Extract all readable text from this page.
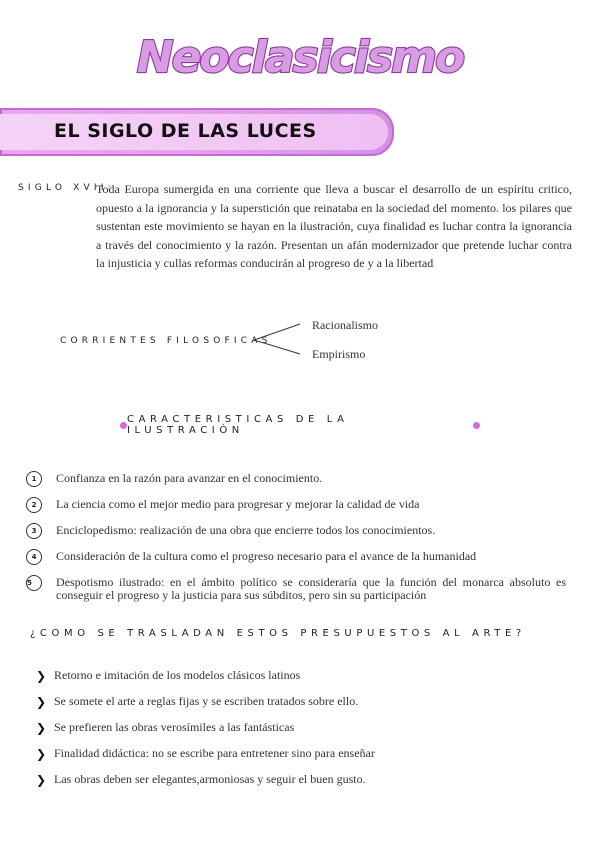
Neoclasicismo
EL SIGLO DE LAS LUCES
SIGLO XVII:
Toda Europa sumergida en una corriente que lleva a buscar el desarrollo de un espíritu critico, opuesto a la ignorancia y la superstición que reinataba en la sociedad del momento. los pilares que sustentan este movimiento se hayan en la ilustración, cuya finalidad es luchar contra la ignorancia a través del conocimiento y la razón. Presentan un afán modernizador que pretende luchar contra la injusticia y cullas reformas conducirán al progreso de y a la libertad
CORRIENTES FILOSOFICAS
Racionalismo
Empirismo
CARACTERISTICAS DE LA ILUSTRACIÓN
1	Confianza en la razón para avanzar en el conocimiento.
2	La ciencia como el mejor medio para progresar y mejorar la calidad de vida
3	Enciclopedismo: realización de una obra que encierre todos los conocimientos.
4	Consideración de la cultura como el progreso necesario para el avance de la humanidad
5	Despotismo ilustrado: en el ámbito político se consideraría que la función del monarca absoluto es conseguir el progreso y la justicia para sus súbditos, pero sin su participación
¿COMO SE TRASLADAN ESTOS PRESUPUESTOS AL ARTE?
❯ Retorno e imitación de los modelos clásicos latinos
❯ Se somete el arte a reglas fijas y se escriben tratados sobre ello.
❯ Se prefieren las obras verosímiles a las fantásticas
❯ Finalidad didáctica: no se escribe para entretener sino para enseñar
❯ Las obras deben ser elegantes,armoniosas y seguir el buen gusto.
